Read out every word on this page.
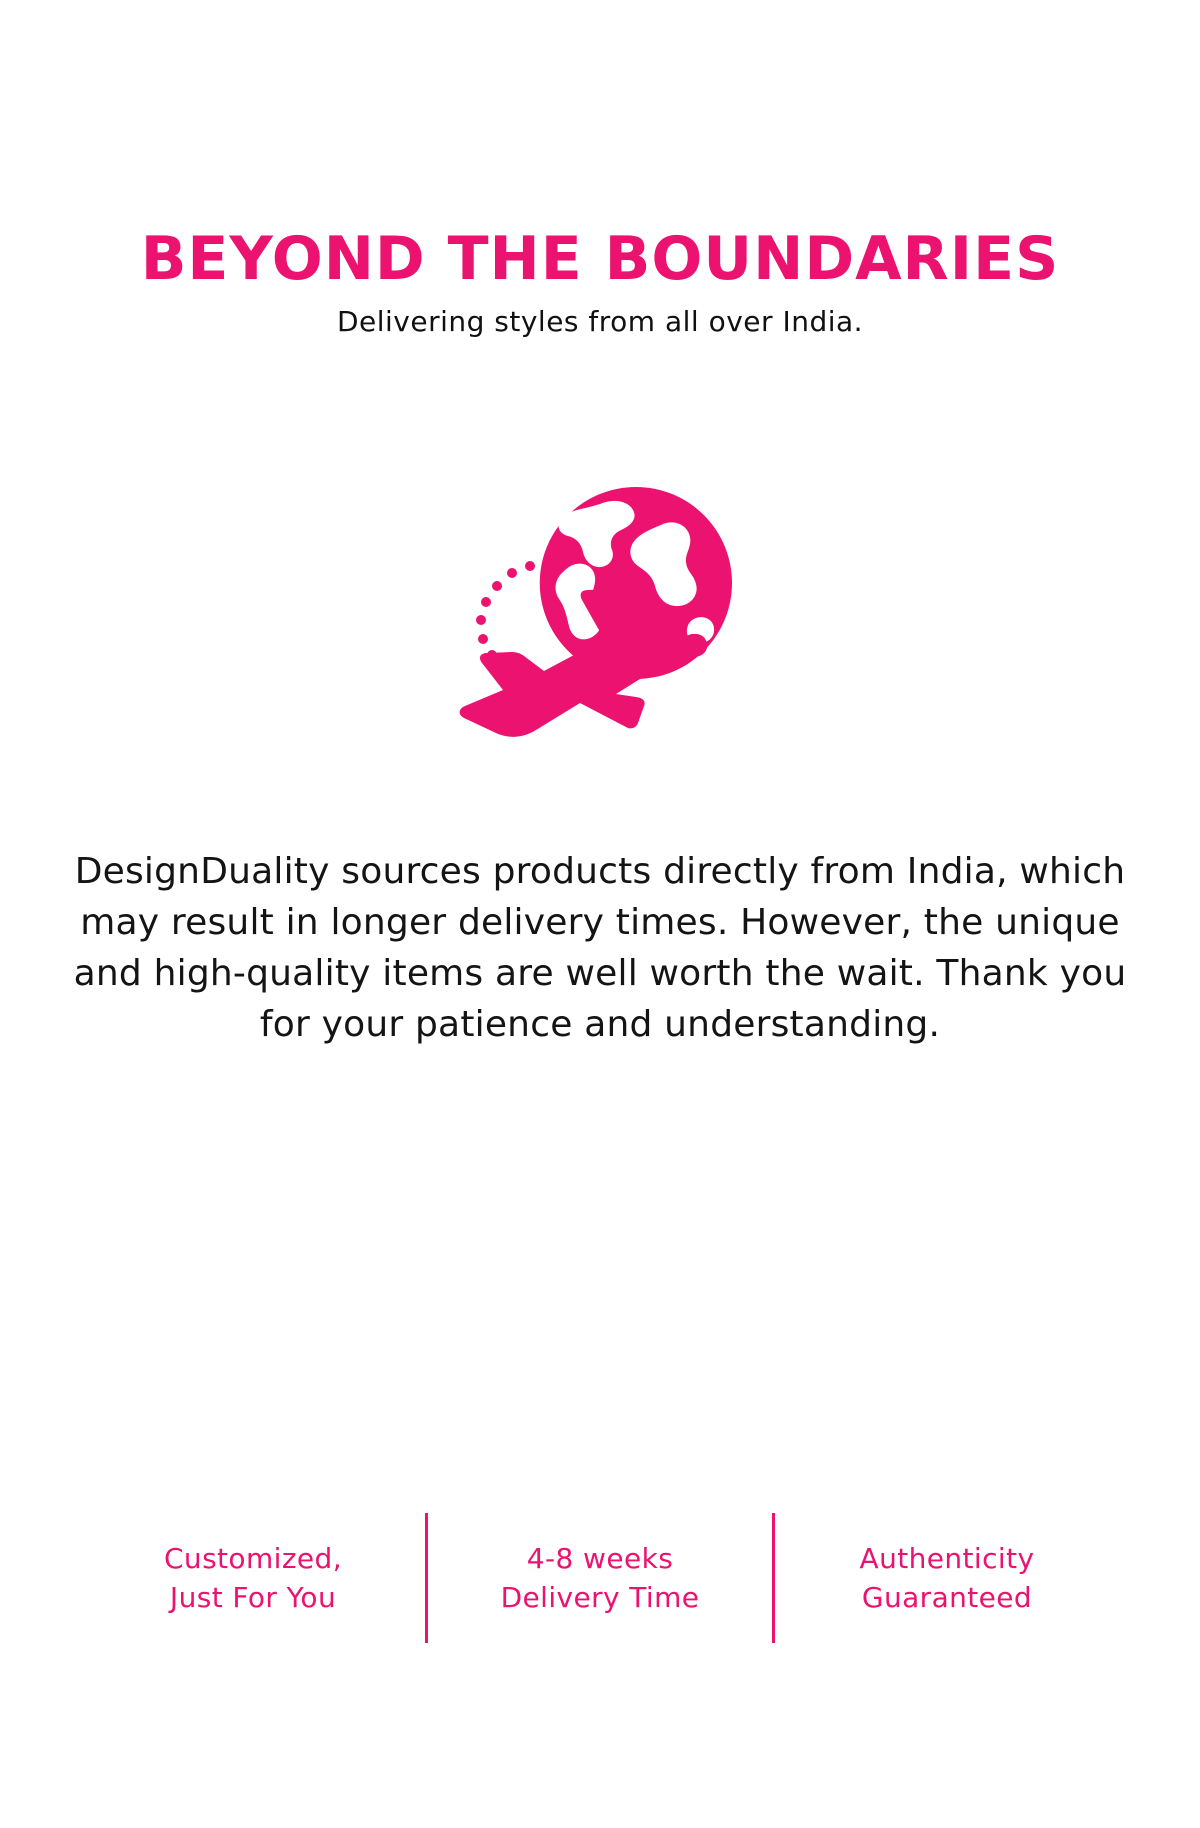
BEYOND THE BOUNDARIES

Delivering styles from all over India.

DesignDuality sources products directly from India, which may result in longer delivery times. However, the unique and high-quality items are well worth the wait. Thank you for your patience and understanding.

Customized,
Just For You
4-8 weeks
Delivery Time
Authenticity
Guaranteed
